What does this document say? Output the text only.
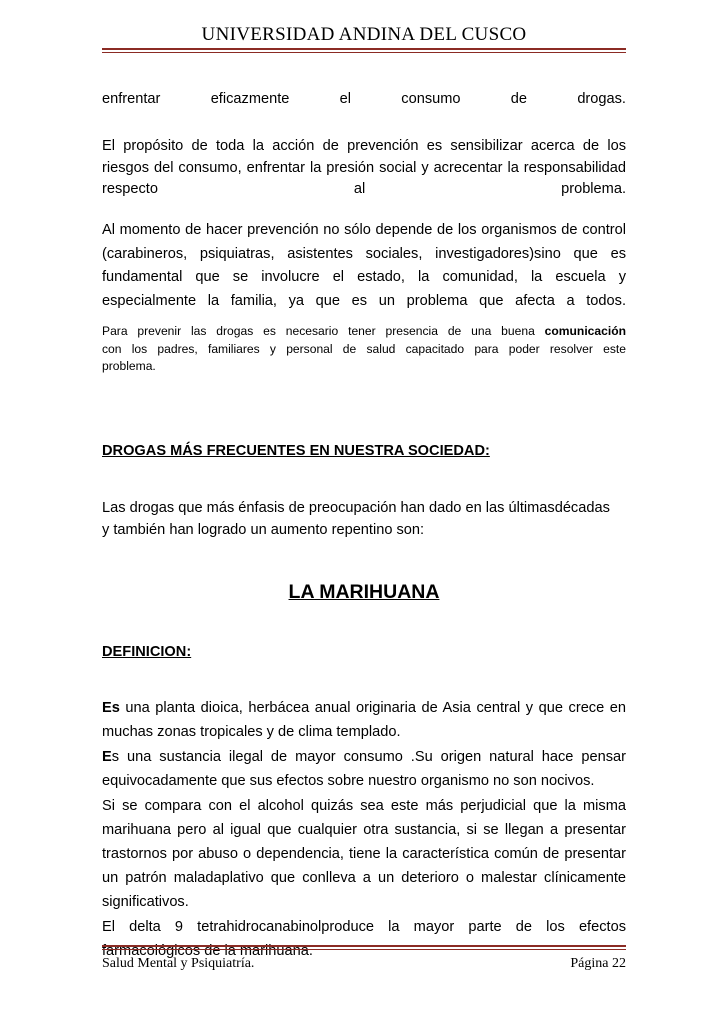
UNIVERSIDAD ANDINA DEL CUSCO

enfrentar eficazmente el consumo de drogas.

El propósito de toda la acción de prevención es sensibilizar acerca de los

riesgos del consumo, enfrentar la presión social y acrecentar la responsabilidad

respecto al problema.

Al momento de hacer prevención no sólo depende de los organismos de control

(carabineros, psiquiatras, asistentes sociales, investigadores)sino que es

fundamental que se involucre el estado, la comunidad, la escuela y

especialmente la familia, ya que es un problema que afecta a todos.

Para prevenir las drogas es necesario tener presencia de una buena comunicación

con los padres, familiares y personal de salud capacitado para poder resolver este

problema.

DROGAS MÁS FRECUENTES EN NUESTRA SOCIEDAD:

Las drogas que más énfasis de preocupación han dado en las últimasdécadas

y también han logrado un aumento repentino son:

LA MARIHUANA
DEFINICION:

Es una planta dioica, herbácea anual originaria de Asia central y que crece en

muchas zonas tropicales y de clima templado.

Es una sustancia ilegal de mayor consumo .Su origen natural hace pensar

equivocadamente que sus efectos sobre nuestro organismo no son nocivos.

Si se compara con el alcohol quizás sea este más perjudicial que la misma

marihuana pero al igual que cualquier otra sustancia, si se llegan a presentar

trastornos por abuso o dependencia, tiene la característica común de presentar

un patrón maladaplativo que conlleva a un deterioro o malestar clínicamente

significativos.

El delta 9 tetrahidrocanabinolproduce la mayor parte de los efectos

farmacológicos de la marihuana.

Salud Mental y Psiquiatría.	Página 22
